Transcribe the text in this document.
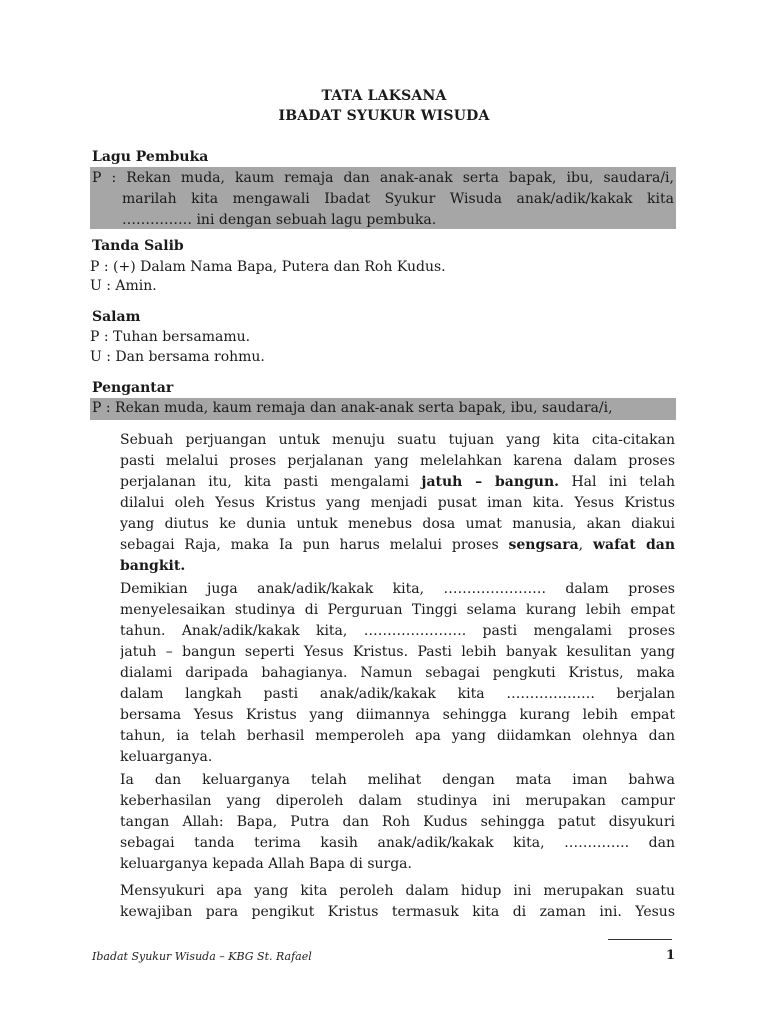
TATA LAKSANA
IBADAT SYUKUR WISUDA
Lagu Pembuka
P : Rekan muda, kaum remaja dan anak-anak serta bapak, ibu, saudara/i,
marilah kita mengawali Ibadat Syukur Wisuda anak/adik/kakak kita
…………… ini dengan sebuah lagu pembuka.
Tanda Salib
P : (+) Dalam Nama Bapa, Putera dan Roh Kudus.
U : Amin.
Salam
P : Tuhan bersamamu.
U : Dan bersama rohmu.
Pengantar
P : Rekan muda, kaum remaja dan anak-anak serta bapak, ibu, saudara/i,
Sebuah perjuangan untuk menuju suatu tujuan yang kita cita-citakan
pasti melalui proses perjalanan yang melelahkan karena dalam proses
perjalanan itu, kita pasti mengalami jatuh – bangun. Hal ini telah
dilalui oleh Yesus Kristus yang menjadi pusat iman kita. Yesus Kristus
yang diutus ke dunia untuk menebus dosa umat manusia, akan diakui
sebagai Raja, maka Ia pun harus melalui proses sengsara, wafat dan
bangkit.
Demikian juga anak/adik/kakak kita, …………………. dalam proses
menyelesaikan studinya di Perguruan Tinggi selama kurang lebih empat
tahun. Anak/adik/kakak kita, …………………. pasti mengalami proses
jatuh – bangun seperti Yesus Kristus. Pasti lebih banyak kesulitan yang
dialami daripada bahagianya. Namun sebagai pengkuti Kristus, maka
dalam langkah pasti anak/adik/kakak kita ………………. berjalan
bersama Yesus Kristus yang diimannya sehingga kurang lebih empat
tahun, ia telah berhasil memperoleh apa yang diidamkan olehnya dan
keluarganya.
Ia dan keluarganya telah melihat dengan mata iman bahwa
keberhasilan yang diperoleh dalam studinya ini merupakan campur
tangan Allah: Bapa, Putra dan Roh Kudus sehingga patut disyukuri
sebagai tanda terima kasih anak/adik/kakak kita, ………….. dan
keluarganya kepada Allah Bapa di surga.
Mensyukuri apa yang kita peroleh dalam hidup ini merupakan suatu
kewajiban para pengikut Kristus termasuk kita di zaman ini. Yesus
Ibadat Syukur Wisuda – KBG St. Rafael	1
